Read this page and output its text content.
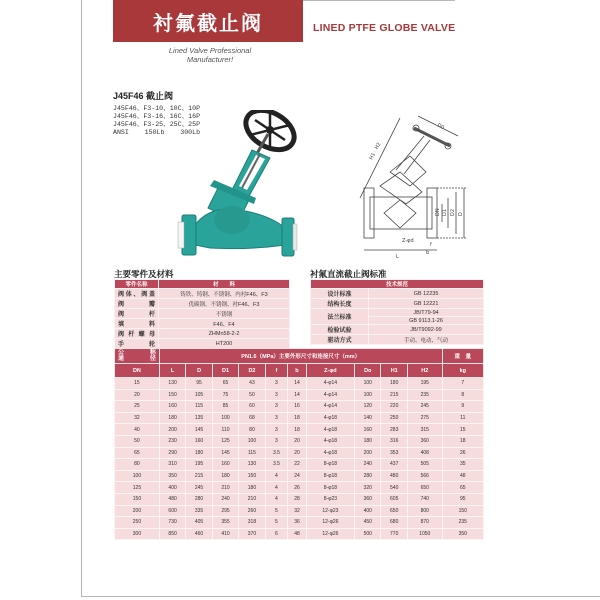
衬氟截止阀	LINED PTFE GLOBE VALVE
Lined Valve Professional
Manufacturer!
J45F46 截止阀
J45F46、F3-10、10C、10P
J45F46、F3-16、16C、16P
J45F46、F3-25、25C、25P
ANSI    150Lb    300Lb
D0
H1 · H2
L
DN D1 D2 D
Z-φd
f
b
主要零件及材料
零件名称	材　　料
阀体、阀盖	铸铁、铸钢、不锈钢、内衬F46、F3
阀　瓣	优碳钢、不锈钢、衬F46、F3
阀　杆	不锈钢
填　料	F46、F4
阀杆螺母	ZHMn58-2-2
手　轮	HT200
衬氟直流截止阀标准
技术规范	
设计标准	GB 12235
结构长度	GB 12221
法兰标准	JB/T79-94
	GB 9113.1-26
检验试验	JB/T9092-99
驱动方式	手动、电动、气动
公 称
通 径	PN1.6（MPa）主要外形尺寸和连接尺寸（mm）										重　量
DN	L	D	D1	D2	f	b	Z-φd	Do	H1	H2	kg
15	130	95	65	43	3	14	4-φ14	100	180	195	7
20	150	105	75	50	3	14	4-φ14	100	215	235	8
25	160	115	85	60	3	16	4-φ14	120	220	245	9
32	180	135	100	68	3	18	4-φ18	140	250	275	11
40	200	145	110	80	3	18	4-φ18	160	283	315	15
50	230	160	125	100	3	20	4-φ18	180	316	360	18
65	290	180	145	115	3.5	20	4-φ18	200	353	408	26
80	310	195	160	130	3.5	22	8-φ18	240	437	505	35
100	350	215	180	150	4	24	8-φ18	280	480	566	48
125	400	245	210	180	4	26	8-φ18	320	540	650	65
150	480	280	240	210	4	28	8-φ23	360	605	740	95
200	600	335	295	260	5	32	12-φ23	400	650	800	150
250	730	405	355	318	5	36	12-φ26	450	680	870	235
300	850	460	410	370	6	48	12-φ26	500	770	1050	350
